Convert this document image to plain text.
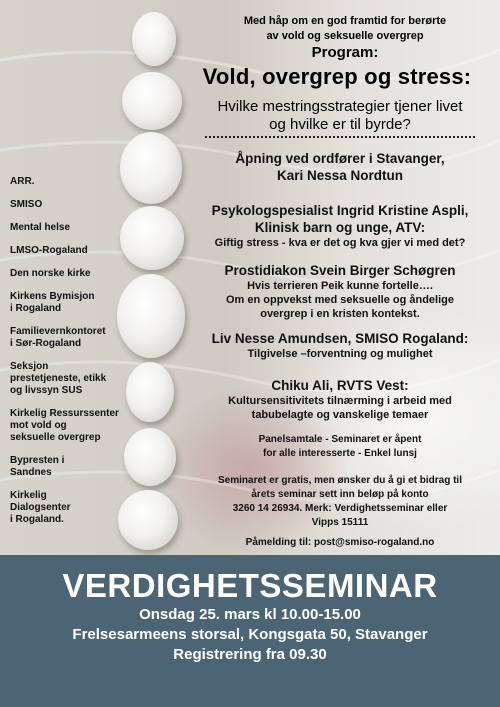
Med håp om en god framtid for berørte
av vold og seksuelle overgrep
Program:
Vold, overgrep og stress:
Hvilke mestringsstrategier tjener livet
og hvilke er til byrde?
ARR.
SMISO
Mental helse
LMSO-Rogaland
Den norske kirke
Kirkens Bymisjon
i Rogaland
Familievernkontoret
i Sør-Rogaland
Seksjon
prestetjeneste, etikk
og livssyn SUS
Kirkelig Ressurssenter
mot vold og
seksuelle overgrep
Bypresten i
Sandnes
Kirkelig
Dialogsenter
i Rogaland.
Åpning ved ordfører i Stavanger,
Kari Nessa Nordtun
Psykologspesialist Ingrid Kristine Aspli,
Klinisk barn og unge, ATV:
Giftig stress - kva er det og kva gjer vi med det?
Prostidiakon Svein Birger Schøgren
Hvis terrieren Peik kunne fortelle….
Om en oppvekst med seksuelle og åndelige
overgrep i en kristen kontekst.
Liv Nesse Amundsen, SMISO Rogaland:
Tilgivelse –forventning og mulighet
Chiku Ali, RVTS Vest:
Kultursensitivitets tilnærming i arbeid med
tabubelagte og vanskelige temaer
Panelsamtale - Seminaret er åpent
for alle interesserte - Enkel lunsj
Seminaret er gratis, men ønsker du å gi et bidrag til
årets seminar sett inn beløp på konto
3260 14 26934. Merk: Verdighetsseminar eller
Vipps 15111
Påmelding til: post@smiso-rogaland.no
VERDIGHETSSEMINAR
Onsdag 25. mars kl 10.00-15.00
Frelsesarmeens storsal, Kongsgata 50, Stavanger
Registrering fra 09.30
